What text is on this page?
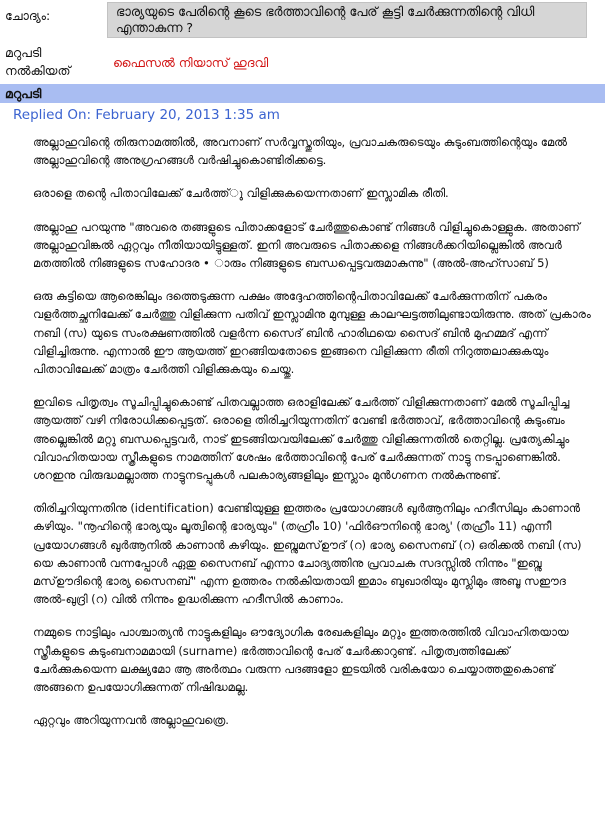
ചോദ്യം:	ഭാര്യയുടെ പേരിന്റെ കൂടെ ഭർത്താവിന്റെ പേര് കൂട്ടി ചേർക്കുന്നതിന്റെ വിധി എന്താകുന്ന ?
മറുപടി
നൽകിയത്
ഫൈസൽ നിയാസ് ഹുദവി
മറുപടി
Replied On: February 20, 2013 1:35 am

അല്ലാഹുവിന്റെ തിരുനാമത്തിൽ, അവനാണ് സർവ്വസ്തുതിയും, പ്രവാചകരുടെയും കുടുംബത്തിന്റെയും മേൽ അല്ലാഹുവിന്റെ അനുഗ്രഹങ്ങൾ വർഷിച്ചുകൊണ്ടിരിക്കട്ടെ.

ഒരാളെ തന്റെ പിതാവിലേക്ക് ചേർത്ത്ു വിളിക്കുകയെന്നതാണ് ഇസ്ലാമിക രീതി.

അല്ലാഹു പറയുന്നു "അവരെ തങ്ങളുടെ പിതാക്കളോട് ചേർത്തുകൊണ്ട് നിങ്ങൾ വിളിച്ചുകൊള്ളുക. അതാണ് അല്ലാഹുവിങ്കൽ ഏറ്റവും നീതിയായിട്ടുള്ളത്. ഇനി അവരുടെ പിതാക്കളെ നിങ്ങൾക്കറിയില്ലെങ്കിൽ അവർ മതത്തിൽ നിങ്ങളുടെ സഹോദര • ാരും നിങ്ങളുടെ ബന്ധപ്പെട്ടവരുമാകുന്നു" (അൽ-അഹ്സാബ് 5)

ഒരു കുട്ടിയെ ആരെങ്കിലും ദത്തെടുക്കുന്ന പക്ഷം അദ്ദേഹത്തിന്റെപിതാവിലേക്ക് ചേർക്കുന്നതിന് പകരം വളർത്തച്ഛനിലേക്ക് ചേർത്തു വിളിക്കുന്ന പതിവ് ഇസ്ലാമിനു മുമ്പുള്ള കാലഘട്ടത്തിലുണ്ടായിരുന്നു. അത് പ്രകാരം നബി (സ) യുടെ സംരക്ഷണത്തിൽ വളർന്ന സൈദ് ബിൻ ഹാരിഥയെ സൈദ് ബിൻ മുഹമ്മദ് എന്ന് വിളിച്ചിരുന്നു. എന്നാൽ ഈ ആയത്ത് ഇറങ്ങിയതോടെ ഇങ്ങനെ വിളിക്കുന്ന രീതി നിറുത്തലാക്കുകയും പിതാവിലേക്ക് മാത്രം ചേർത്തി വിളിക്കുകയും ചെയ്തു.

ഇവിടെ പിതൃത്വം സൂചിപ്പിച്ചുകൊണ്ട് പിതവല്ലാത്ത ഒരാളിലേക്ക് ചേർത്ത് വിളിക്കുന്നതാണ് മേൽ സൂചിപ്പിച്ച ആയത്ത് വഴി നിരോധിക്കപ്പെട്ടത്. ഒരാളെ തിരിച്ചറിയുന്നതിന് വേണ്ടി ഭർത്താവ്, ഭർത്താവിന്റെ കുടുംബം അല്ലെങ്കിൽ മറ്റു ബന്ധപ്പെട്ടവർ, നാട് ഇടങ്ങിയവയിലേക്ക് ചേർത്തു വിളിക്കുന്നതിൽ തെറ്റില്ല. പ്രത്യേകിച്ചും വിവാഹിതയായ സ്ത്രീകളുടെ നാമത്തിന് ശേഷം ഭർത്താവിന്റെ പേര് ചേർക്കുന്നത് നാട്ടു നടപ്പാണെങ്കിൽ. ശറഇനു വിരുദ്ധമല്ലാത്ത നാട്ടുനടപ്പുകൾ പലകാര്യങ്ങളിലും ഇസ്ലാം മുൻഗണന നൽകുന്നുണ്ട്.

തിരിച്ചറിയുന്നതിനു (identification) വേണ്ടിയുള്ള ഇത്തരം പ്രയോഗങ്ങൾ ഖുർആനിലും ഹദീസിലും കാണാൻ കഴിയും. "നൂഹിന്റെ ഭാര്യയും ലൂത്വിന്റെ ഭാര്യയും" (തഹ്രീം 10) 'ഫിർഔനിന്റെ ഭാര്യ' (തഹ്രീം 11) എന്നീ പ്രയോഗങ്ങൾ ഖുർആനിൽ കാണാൻ കഴിയും. ഇബ്നുമസ്ഊദ് (റ) ഭാര്യ സൈനബ് (റ) ഒരിക്കൽ നബി (സ) യെ കാണാൻ വന്നപ്പോൾ ഏതു സൈനബ് എന്നാ ചോദ്യത്തിനു പ്രവാചക സദസ്സിൽ നിന്നും "ഇബ്നു മസ്ഊദിന്റെ ഭാര്യ സൈനബ്" എന്ന ഉത്തരം നൽകിയതായി ഇമാം ബുഖാരിയും മുസ്ലിമും അബൂ സഈദ അൽ-ഖുദ്രി (റ) വിൽ നിന്നും ഉദ്ധരിക്കുന്ന ഹദീസിൽ കാണാം.

നമ്മുടെ നാട്ടിലും പാശ്ചാത്യൻ നാട്ടുകളിലും ഔദ്യോഗിക രേഖകളിലും മറ്റും ഇത്തരത്തിൽ വിവാഹിതയായ സ്ത്രീകളുടെ കുടുംബനാമമായി (surname) ഭർത്താവിന്റെ പേര് ചേർക്കാറുണ്ട്. പിതൃത്വത്തിലേക്ക് ചേർക്കുകയെന്ന ലക്ഷ്യമോ ആ അർത്ഥം വരുന്ന പദങ്ങളോ ഇടയിൽ വരികയോ ചെയ്യാത്തതുകൊണ്ട് അങ്ങനെ ഉപയോഗിക്കുന്നത് നിഷിദ്ധമല്ല.

ഏറ്റവും അറിയുന്നവൻ അല്ലാഹുവത്രെ.
